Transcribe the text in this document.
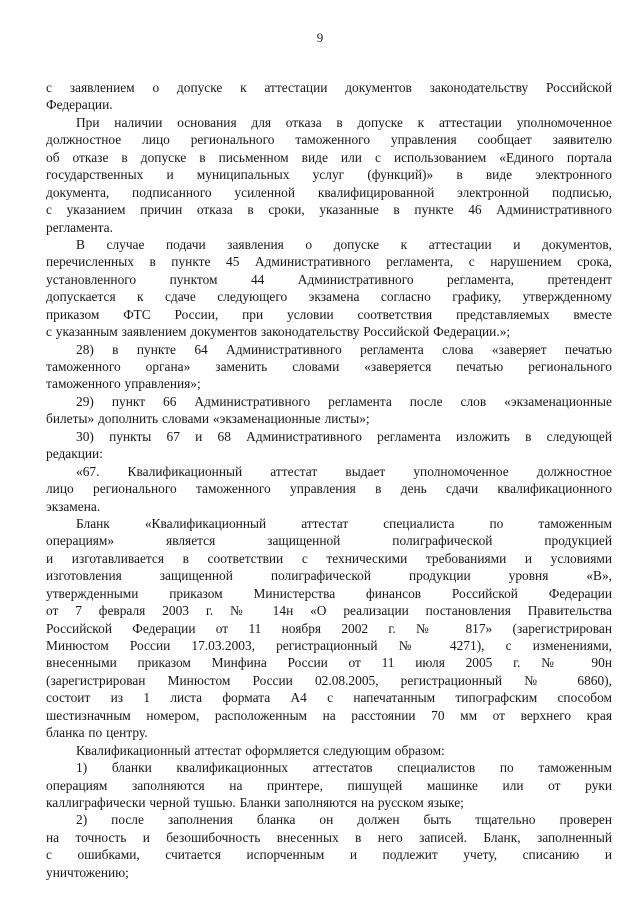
9
с заявлением о допуске к аттестации документов законодательству Российской
Федерации.
При наличии основания для отказа в допуске к аттестации уполномоченное
должностное лицо регионального таможенного управления сообщает заявителю
об отказе в допуске в письменном виде или с использованием «Единого портала
государственных и муниципальных услуг (функций)» в виде электронного
документа, подписанного усиленной квалифицированной электронной подписью,
с указанием причин отказа в сроки, указанные в пункте 46 Административного
регламента.
В случае подачи заявления о допуске к аттестации и документов,
перечисленных в пункте 45 Административного регламента, с нарушением срока,
установленного пунктом 44 Административного регламента, претендент
допускается к сдаче следующего экзамена согласно графику, утвержденному
приказом ФТС России, при условии соответствия представляемых вместе
с указанным заявлением документов законодательству Российской Федерации.»;
28) в пункте 64 Административного регламента слова «заверяет печатью
таможенного органа» заменить словами «заверяется печатью регионального
таможенного управления»;
29) пункт 66 Административного регламента после слов «экзаменационные
билеты» дополнить словами «экзаменационные листы»;
30) пункты 67 и 68 Административного регламента изложить в следующей
редакции:
«67. Квалификационный аттестат выдает уполномоченное должностное
лицо регионального таможенного управления в день сдачи квалификационного
экзамена.
Бланк «Квалификационный аттестат специалиста по таможенным
операциям» является защищенной полиграфической продукцией
и изготавливается в соответствии с техническими требованиями и условиями
изготовления защищенной полиграфической продукции уровня «В»,
утвержденными приказом Министерства финансов Российской Федерации
от 7 февраля 2003 г. № 14н «О реализации постановления Правительства
Российской Федерации от 11 ноября 2002 г. № 817» (зарегистрирован
Минюстом России 17.03.2003, регистрационный № 4271), с изменениями,
внесенными приказом Минфина России от 11 июля 2005 г. № 90н
(зарегистрирован Минюстом России 02.08.2005, регистрационный № 6860),
состоит из 1 листа формата А4 с напечатанным типографским способом
шестизначным номером, расположенным на расстоянии 70 мм от верхнего края
бланка по центру.
Квалификационный аттестат оформляется следующим образом:
1) бланки квалификационных аттестатов специалистов по таможенным
операциям заполняются на принтере, пишущей машинке или от руки
каллиграфически черной тушью. Бланки заполняются на русском языке;
2) после заполнения бланка он должен быть тщательно проверен
на точность и безошибочность внесенных в него записей. Бланк, заполненный
с ошибками, считается испорченным и подлежит учету, списанию и
уничтожению;
